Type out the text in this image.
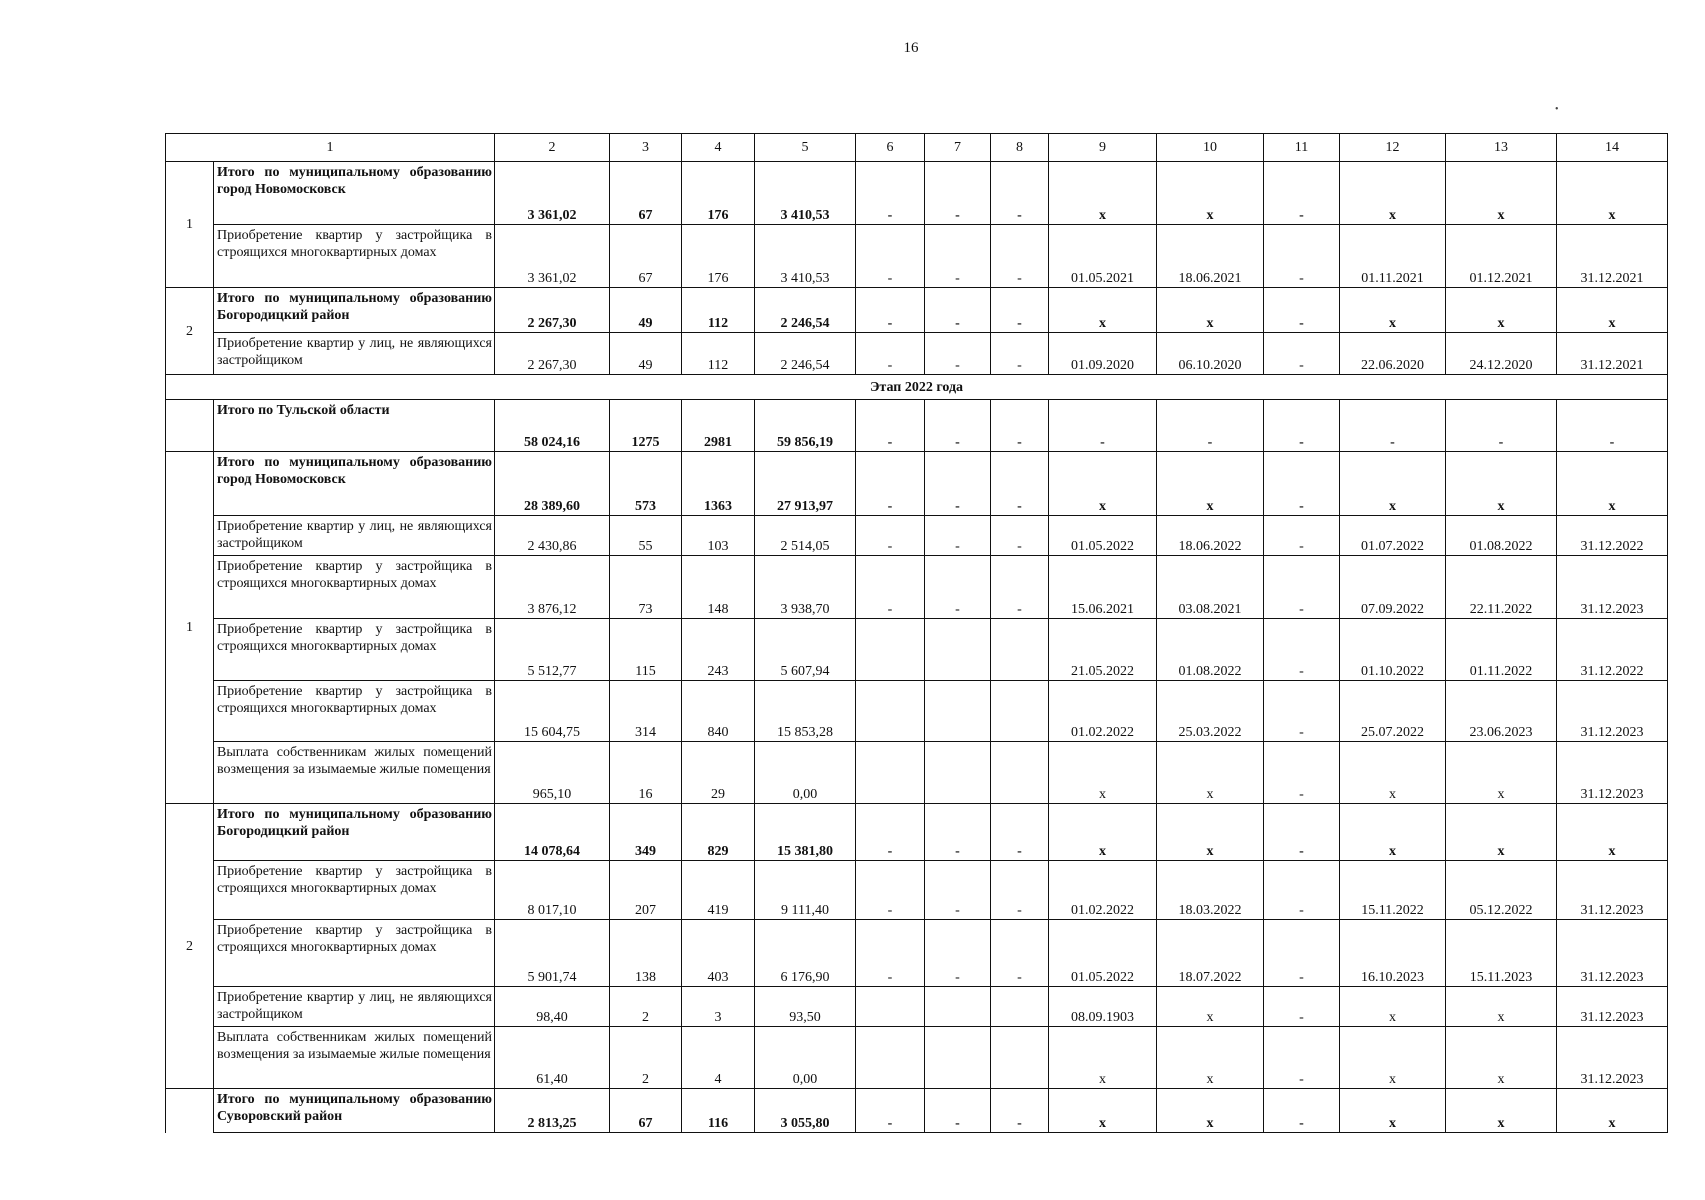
16
•
1		2	3	4	5	6	7	8	9	10	11	12	13	14
1	Итого по муниципальному образованию город Новомосковск	3 361,02	67	176	3 410,53	-	-	-	x	x	-	x	x	x
	Приобретение квартир у застройщика в строящихся многоквартирных домах	3 361,02	67	176	3 410,53	-	-	-	01.05.2021	18.06.2021	-	01.11.2021	01.12.2021	31.12.2021
2	Итого по муниципальному образованию Богородицкий район	2 267,30	49	112	2 246,54	-	-	-	x	x	-	x	x	x
	Приобретение квартир у лиц, не являющихся застройщиком	2 267,30	49	112	2 246,54	-	-	-	01.09.2020	06.10.2020	-	22.06.2020	24.12.2020	31.12.2021
Этап 2022 года														
	Итого по Тульской области	58 024,16	1275	2981	59 856,19	-	-	-	-	-	-	-	-	-
1	Итого по муниципальному образованию город Новомосковск	28 389,60	573	1363	27 913,97	-	-	-	x	x	-	x	x	x
	Приобретение квартир у лиц, не являющихся застройщиком	2 430,86	55	103	2 514,05	-	-	-	01.05.2022	18.06.2022	-	01.07.2022	01.08.2022	31.12.2022
	Приобретение квартир у застройщика в строящихся многоквартирных домах	3 876,12	73	148	3 938,70	-	-	-	15.06.2021	03.08.2021	-	07.09.2022	22.11.2022	31.12.2023
	Приобретение квартир у застройщика в строящихся многоквартирных домах	5 512,77	115	243	5 607,94				21.05.2022	01.08.2022	-	01.10.2022	01.11.2022	31.12.2022
	Приобретение квартир у застройщика в строящихся многоквартирных домах	15 604,75	314	840	15 853,28				01.02.2022	25.03.2022	-	25.07.2022	23.06.2023	31.12.2023
	Выплата собственникам жилых помещений возмещения за изымаемые жилые помещения	965,10	16	29	0,00				x	x	-	x	x	31.12.2023
2	Итого по муниципальному образованию Богородицкий район	14 078,64	349	829	15 381,80	-	-	-	x	x	-	x	x	x
	Приобретение квартир у застройщика в строящихся многоквартирных домах	8 017,10	207	419	9 111,40	-	-	-	01.02.2022	18.03.2022	-	15.11.2022	05.12.2022	31.12.2023
	Приобретение квартир у застройщика в строящихся многоквартирных домах	5 901,74	138	403	6 176,90	-	-	-	01.05.2022	18.07.2022	-	16.10.2023	15.11.2023	31.12.2023
	Приобретение квартир у лиц, не являющихся застройщиком	98,40	2	3	93,50				08.09.1903	x	-	x	x	31.12.2023
	Выплата собственникам жилых помещений возмещения за изымаемые жилые помещения	61,40	2	4	0,00				x	x	-	x	x	31.12.2023
	Итого по муниципальному образованию Суворовский район	2 813,25	67	116	3 055,80	-	-	-	x	x	-	x	x	x
